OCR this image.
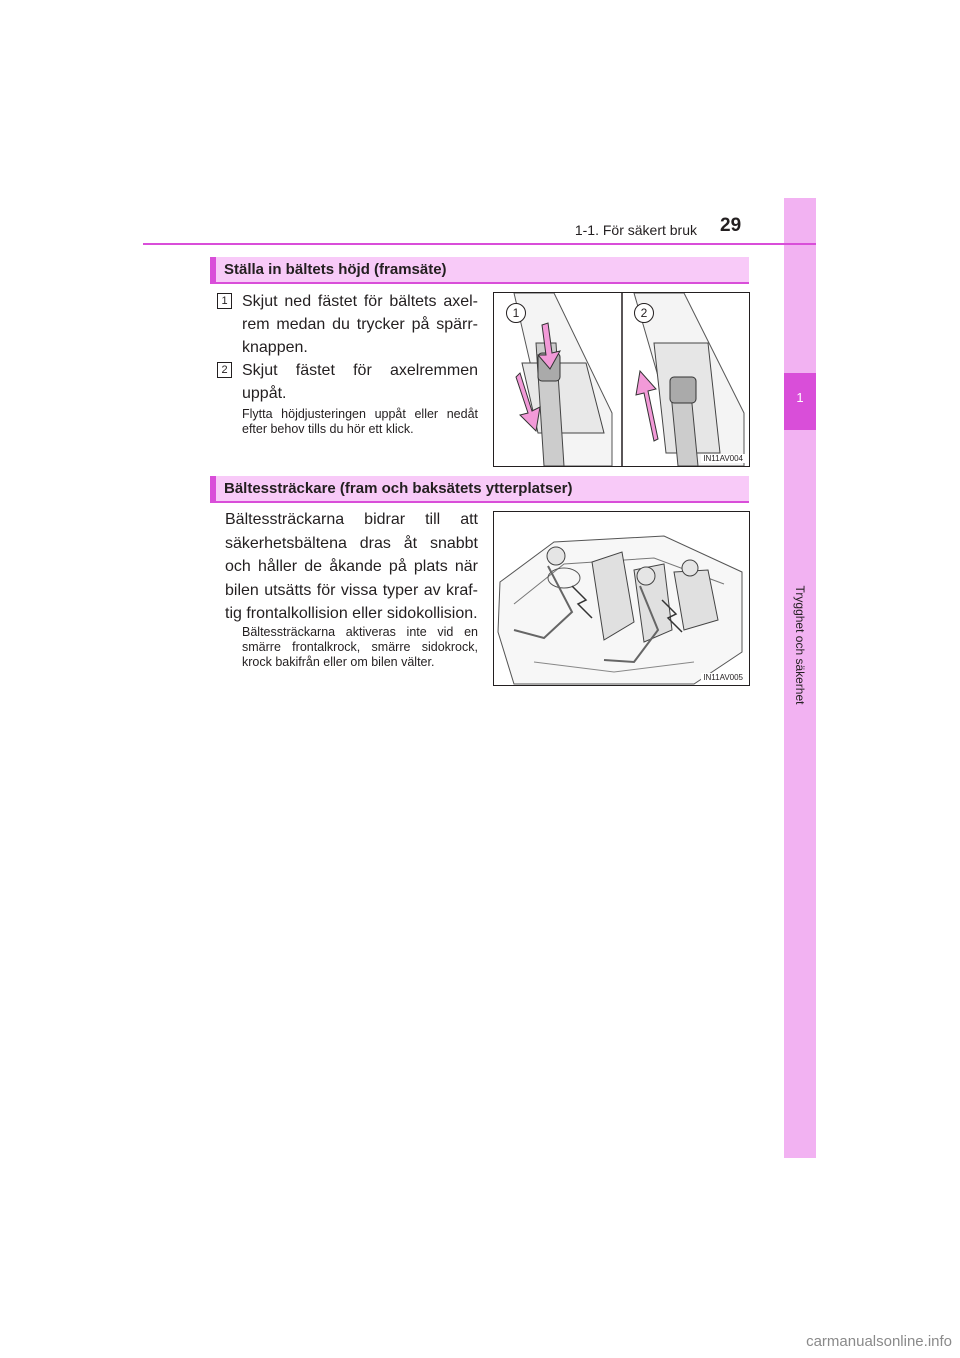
1
Trygghet och säkerhet
1-1. För säkert bruk 29
Ställa in bältets höjd (framsäte)
1 Skjut ned fästet för bältets axel-rem medan du trycker på spärr-knappen.
2 Skjut fästet för axelremmen uppåt.
Flytta höjdjusteringen uppåt eller nedåt efter behov tills du hör ett klick.
1	2
IN11AV004
Bältessträckare (fram och baksätets ytterplatser)
Bältessträckarna bidrar till att säkerhetsbältena dras åt snabbt och håller de åkande på plats när bilen utsätts för vissa typer av kraf-tig frontalkollision eller sidokollision.
Bältessträckarna aktiveras inte vid en smärre frontalkrock, smärre sidokrock, krock bakifrån eller om bilen välter.
IN11AV005
carmanualsonline.info
